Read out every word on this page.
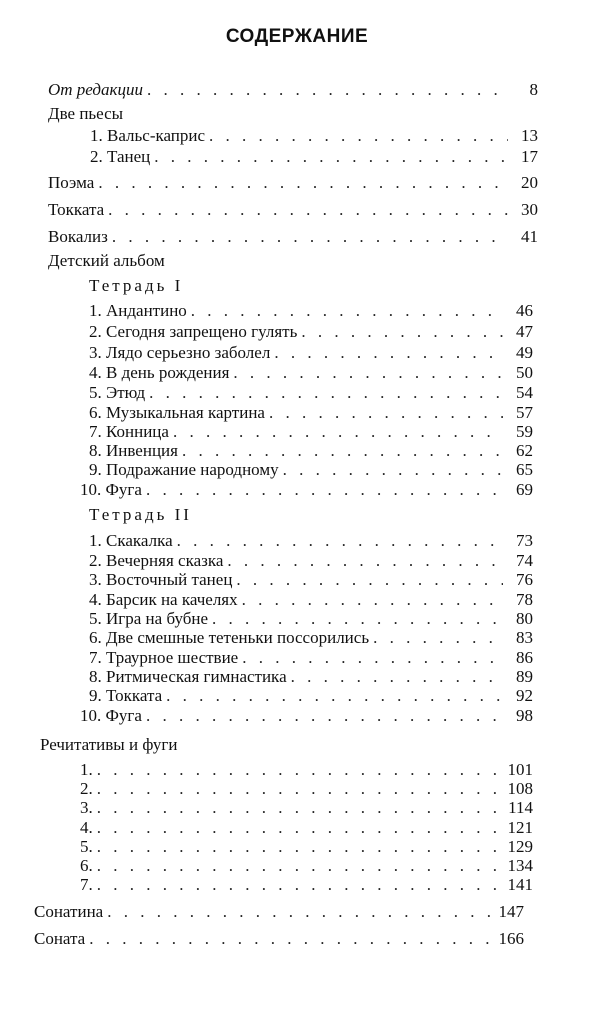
СОДЕРЖАНИЕ
От редакции . . .	8
Две пьесы
1. Вальс-каприс . . .	13
2. Танец . . .	17
Поэма . . .	20
Токката . . .	30
Вокализ . . .	41
Детский альбом
Тетрадь I
1. Андантино . . .	46
2. Сегодня запрещено гулять . . .	47
3. Лядо серьезно заболел . . .	49
4. В день рождения . . .	50
5. Этюд . . .	54
6. Музыкальная картина . . .	57
7. Конница . . .	59
8. Инвенция . . .	62
9. Подражание народному . . .	65
10. Фуга . . .	69
Тетрадь II
1. Скакалка . . .	73
2. Вечерняя сказка . . .	74
3. Восточный танец . . .	76
4. Барсик на качелях . . .	78
5. Игра на бубне . . .	80
6. Две смешные тетеньки поссорились . . .	83
7. Траурное шествие . . .	86
8. Ритмическая гимнастика . . .	89
9. Токката . . .	92
10. Фуга . . .	98
Речитативы и фуги
1. . . .	101
2. . . .	108
3. . . .	114
4. . . .	121
5. . . .	129
6. . . .	134
7. . . .	141
Сонатина . . .	147
Соната . . .	166
